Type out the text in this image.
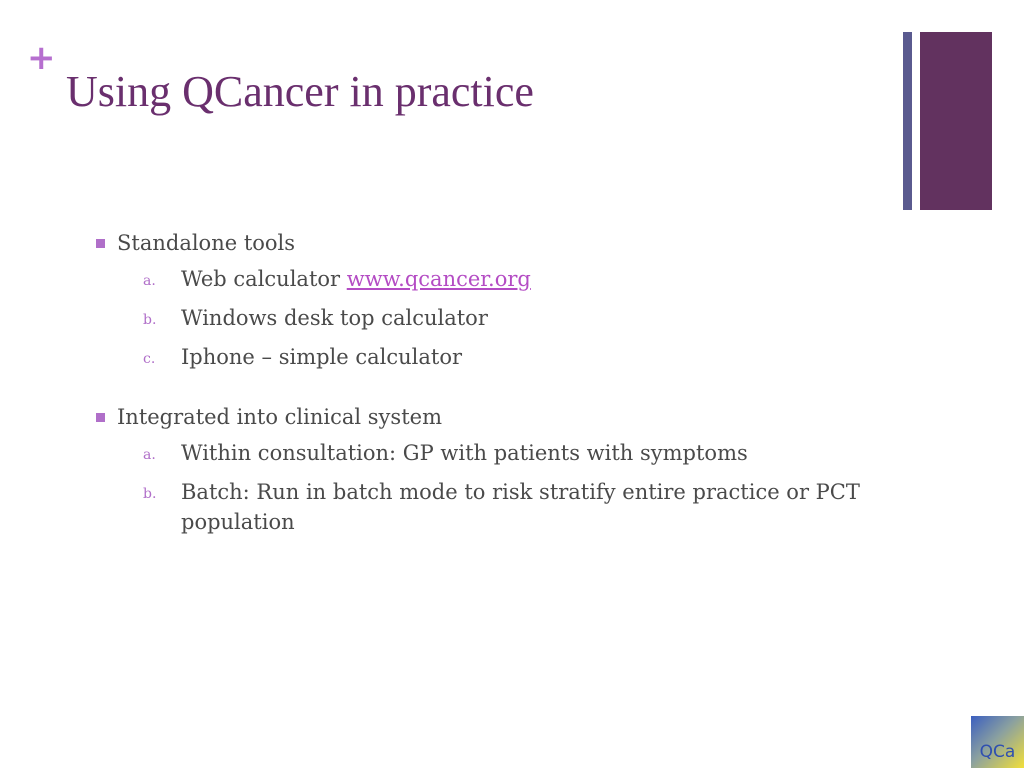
+
Using QCancer in practice
Standalone tools
a. Web calculator www.qcancer.org
b. Windows desk top calculator
c. Iphone – simple calculator
Integrated into clinical system
a. Within consultation: GP with patients with symptoms
b. Batch: Run in batch mode to risk stratify entire practice or PCT population
QCa
